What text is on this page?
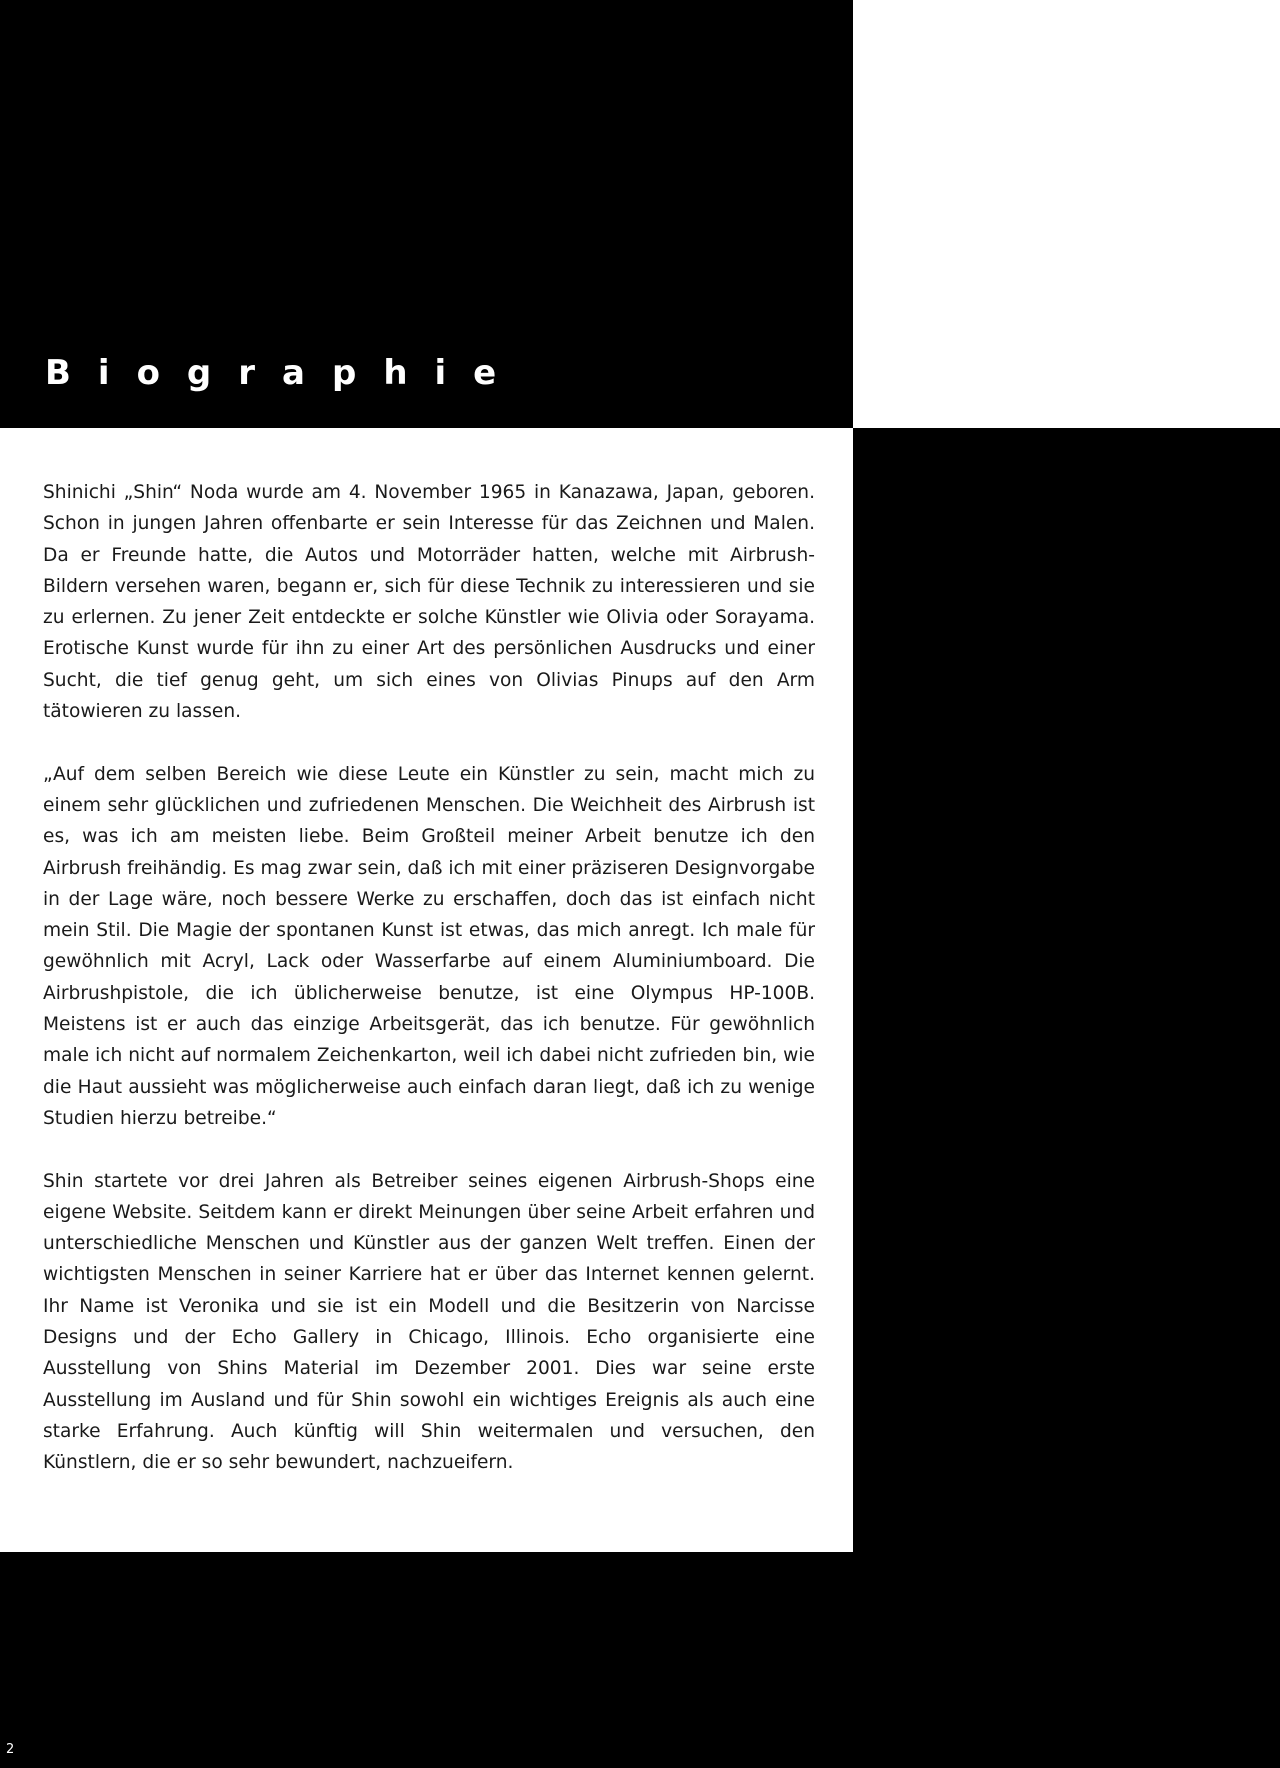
Biographie

Shinichi „Shin“ Noda wurde am 4. November 1965 in Kanazawa, Japan, geboren. Schon in jungen Jahren offenbarte er sein Interesse für das Zeichnen und Malen. Da er Freunde hatte, die Autos und Motorräder hatten, welche mit Airbrush-Bildern versehen waren, begann er, sich für diese Technik zu interessieren und sie zu erlernen. Zu jener Zeit entdeckte er solche Künstler wie Olivia oder Sorayama. Erotische Kunst wurde für ihn zu einer Art des persönlichen Ausdrucks und einer Sucht, die tief genug geht, um sich eines von Olivias Pinups auf den Arm tätowieren zu lassen.

„Auf dem selben Bereich wie diese Leute ein Künstler zu sein, macht mich zu einem sehr glücklichen und zufriedenen Menschen. Die Weichheit des Airbrush ist es, was ich am meisten liebe. Beim Großteil meiner Arbeit benutze ich den Airbrush freihändig. Es mag zwar sein, daß ich mit einer präziseren Designvorgabe in der Lage wäre, noch bessere Werke zu erschaffen, doch das ist einfach nicht mein Stil. Die Magie der spontanen Kunst ist etwas, das mich anregt. Ich male für gewöhnlich mit Acryl, Lack oder Wasserfarbe auf einem Aluminiumboard. Die Airbrushpistole, die ich üblicherweise benutze, ist eine Olympus HP-100B. Meistens ist er auch das einzige Arbeitsgerät, das ich benutze. Für gewöhnlich male ich nicht auf normalem Zeichenkarton, weil ich dabei nicht zufrieden bin, wie die Haut aussieht was möglicherweise auch einfach daran liegt, daß ich zu wenige Studien hierzu betreibe.“

Shin startete vor drei Jahren als Betreiber seines eigenen Airbrush-Shops eine eigene Website. Seitdem kann er direkt Meinungen über seine Arbeit erfahren und unterschiedliche Menschen und Künstler aus der ganzen Welt treffen. Einen der wichtigsten Menschen in seiner Karriere hat er über das Internet kennen gelernt. Ihr Name ist Veronika und sie ist ein Modell und die Besitzerin von Narcisse Designs und der Echo Gallery in Chicago, Illinois. Echo organisierte eine Ausstellung von Shins Material im Dezember 2001. Dies war seine erste Ausstellung im Ausland und für Shin sowohl ein wichtiges Ereignis als auch eine starke Erfahrung. Auch künftig will Shin weitermalen und versuchen, den Künstlern, die er so sehr bewundert, nachzueifern.

2
